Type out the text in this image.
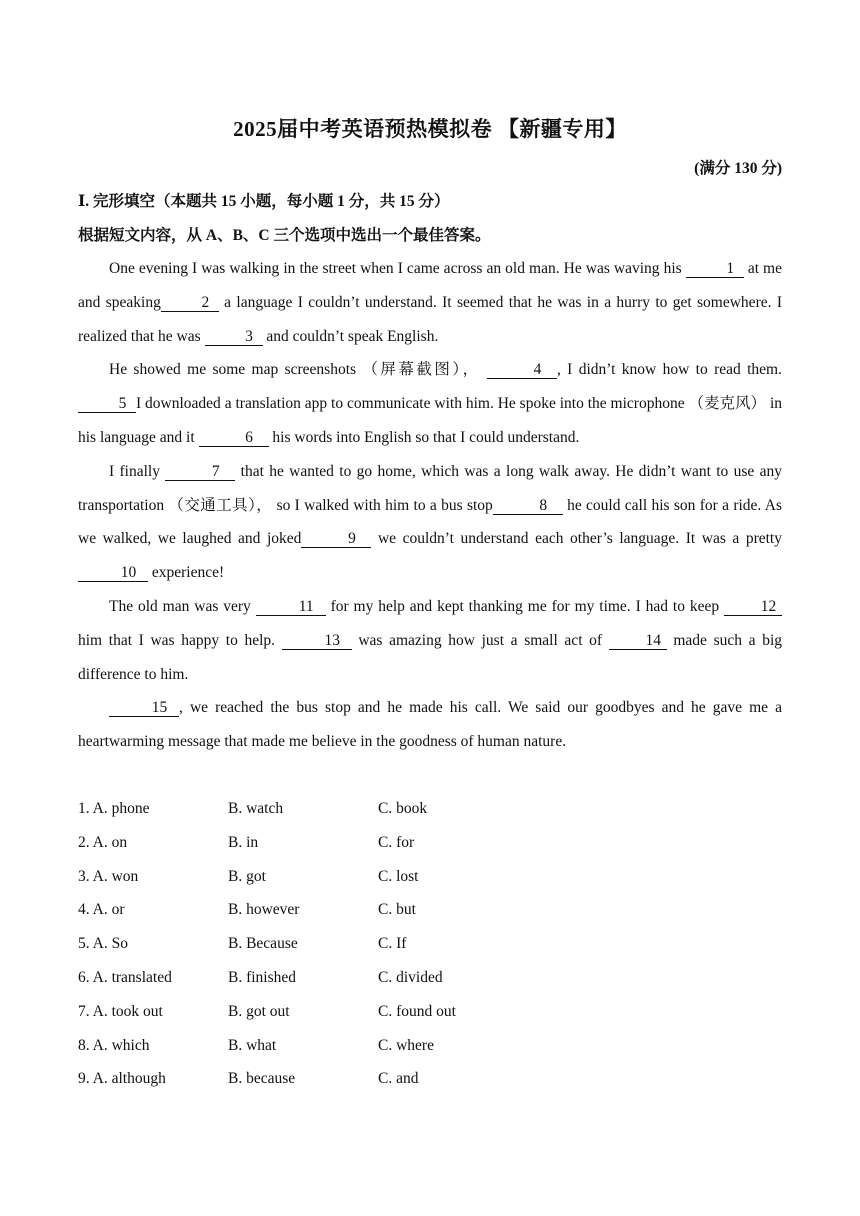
2025届中考英语预热模拟卷 【新疆专用】
(满分 130 分)
Ⅰ. 完形填空（本题共 15 小题，每小题 1 分，共 15 分）
根据短文内容，从 A、B、C 三个选项中选出一个最佳答案。

One evening I was walking in the street when I came across an old man. He was waving his	1 at me and speaking	2 a language I couldn’t understand. It seemed that he was in a hurry to get somewhere. I realized that he was	3 and couldn’t speak English.

He showed me some map screenshots （屏幕截图），	4 , I didn’t know how to read them. 5 I downloaded a translation app to communicate with him. He spoke into the microphone （麦克风） in his language and it	6 his words into English so that I could understand.

I finally	7 that he wanted to go home, which was a long walk away. He didn’t want to use any transportation （交通工具）， so I walked with him to a bus stop	8 he could call his son for a ride. As we walked, we laughed and joked	9 we couldn’t understand each other’s language. It was a pretty 10 experience!

The old man was very	11 for my help and kept thanking me for my time. I had to keep 12 him that I was happy to help.	13 was amazing how just a small act of 14 made such a big difference to him.

15 , we reached the bus stop and he made his call. We said our goodbyes and he gave me a heartwarming message that made me believe in the goodness of human nature.

1. A. phone	B. watch	C. book
2. A. on	B. in	C. for
3. A. won	B. got	C. lost
4. A. or	B. however	C. but
5. A. So	B. Because	C. If
6. A. translated	B. finished	C. divided
7. A. took out	B. got out	C. found out
8. A. which	B. what	C. where
9. A. although	B. because	C. and
